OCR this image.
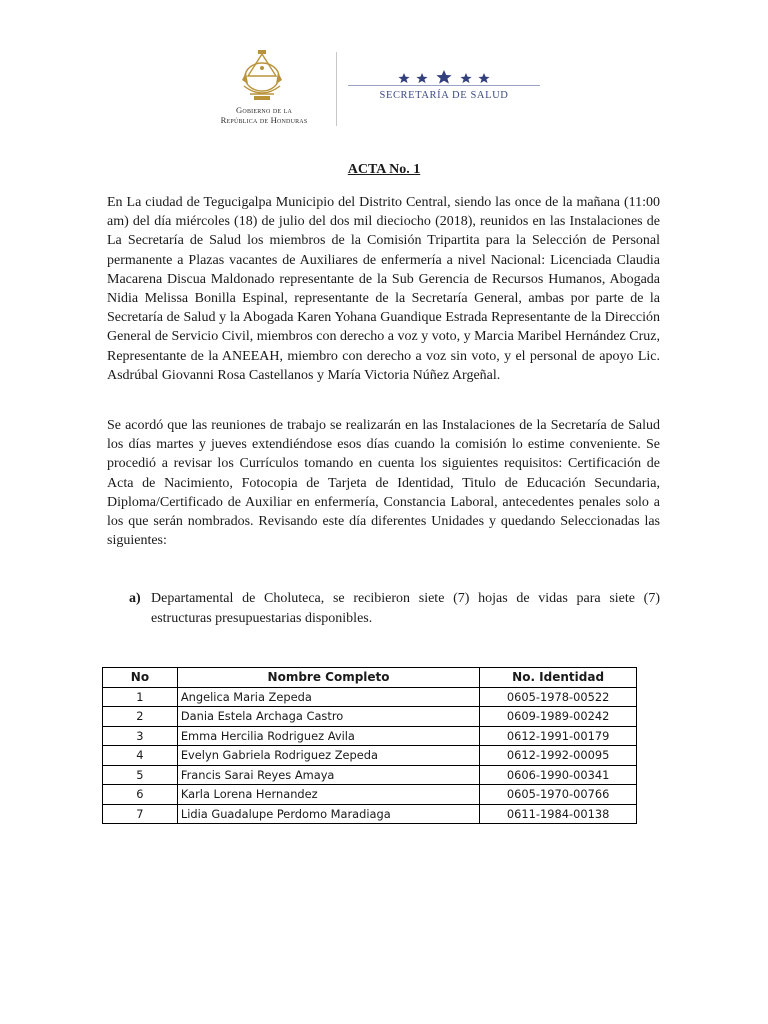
Gobierno de la
República de Honduras
SECRETARÍA DE SALUD
ACTA No. 1

En La ciudad de Tegucigalpa Municipio del Distrito Central, siendo las once de la mañana (11:00 am) del día miércoles (18) de julio del dos mil dieciocho (2018), reunidos en las Instalaciones de La Secretaría de Salud los miembros de la Comisión Tripartita para la Selección de Personal permanente a Plazas vacantes de Auxiliares de enfermería a nivel Nacional: Licenciada Claudia Macarena Discua Maldonado representante de la Sub Gerencia de Recursos Humanos, Abogada Nidia Melissa Bonilla Espinal, representante de la Secretaría General, ambas por parte de la Secretaría de Salud y la Abogada Karen Yohana Guandique Estrada Representante de la Dirección General de Servicio Civil, miembros con derecho a voz y voto, y Marcia Maribel Hernández Cruz, Representante de la ANEEAH, miembro con derecho a voz sin voto, y el personal de apoyo Lic. Asdrúbal Giovanni Rosa Castellanos y María Victoria Núñez Argeñal.

Se acordó que las reuniones de trabajo se realizarán en las Instalaciones de la Secretaría de Salud los días martes y jueves extendiéndose esos días cuando la comisión lo estime conveniente. Se procedió a revisar los Currículos tomando en cuenta los siguientes requisitos: Certificación de Acta de Nacimiento, Fotocopia de Tarjeta de Identidad, Titulo de Educación Secundaria, Diploma/Certificado de Auxiliar en enfermería, Constancia Laboral, antecedentes penales solo a los que serán nombrados. Revisando este día diferentes Unidades y quedando Seleccionadas las siguientes:

a) Departamental de Choluteca, se recibieron siete (7) hojas de vidas para siete (7) estructuras presupuestarias disponibles.
No	Nombre Completo	No. Identidad
1	Angelica Maria Zepeda	0605-1978-00522
2	Dania Estela Archaga Castro	0609-1989-00242
3	Emma Hercilia Rodriguez Avila	0612-1991-00179
4	Evelyn Gabriela Rodriguez Zepeda	0612-1992-00095
5	Francis Sarai Reyes Amaya	0606-1990-00341
6	Karla Lorena Hernandez	0605-1970-00766
7	Lidia Guadalupe Perdomo Maradiaga	0611-1984-00138
